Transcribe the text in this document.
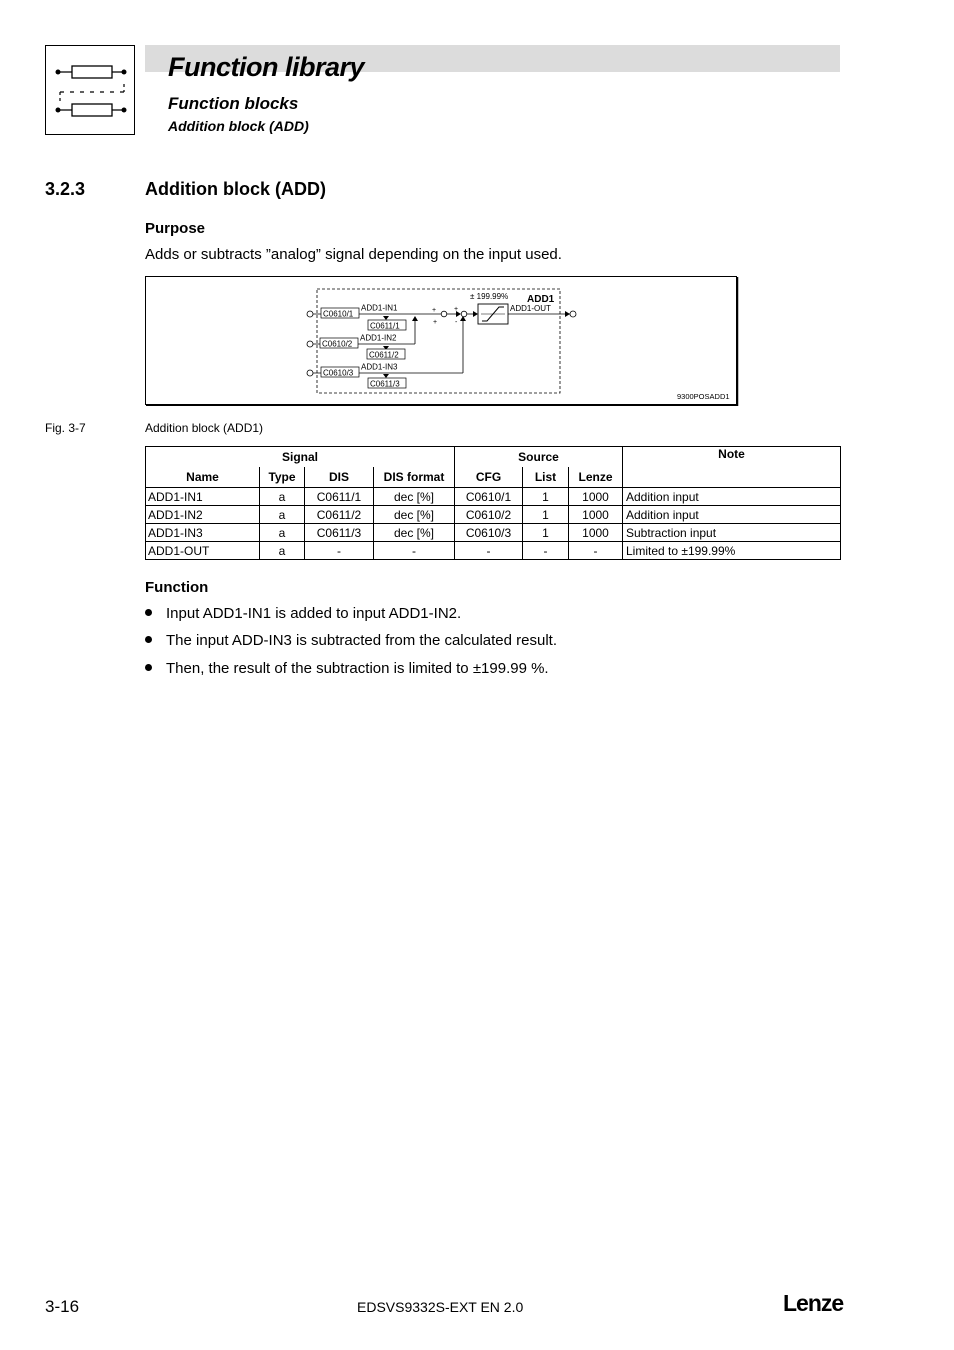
Function library
Function blocks
Addition block (ADD)
3.2.3	Addition block (ADD)
Purpose
Adds or subtracts ”analog” signal depending on the input used.
C0610/1
ADD1-IN1
C0611/1
C0610/2
ADD1-IN2
C0611/2
C0610/3
ADD1-IN3
C0611/3
+
+
+
-
± 199.99% ADD1
ADD1-OUT
9300POSADD1
Fig. 3-7	Addition block (ADD1)
Signal				Source			Note
Name	Type	DIS	DIS format	CFG	List	Lenze	
ADD1-IN1	a	C0611/1	dec [%]	C0610/1	1	1000	Addition input
ADD1-IN2	a	C0611/2	dec [%]	C0610/2	1	1000	Addition input
ADD1-IN3	a	C0611/3	dec [%]	C0610/3	1	1000	Subtraction input
ADD1-OUT	a	-	-	-	-	-	Limited to ±199.99%
Function
Input ADD1-IN1 is added to input ADD1-IN2.
The input ADD-IN3 is subtracted from the calculated result.
Then, the result of the subtraction is limited to ±199.99 %.
3-16	EDSVS9332S-EXT EN 2.0	Lenze
